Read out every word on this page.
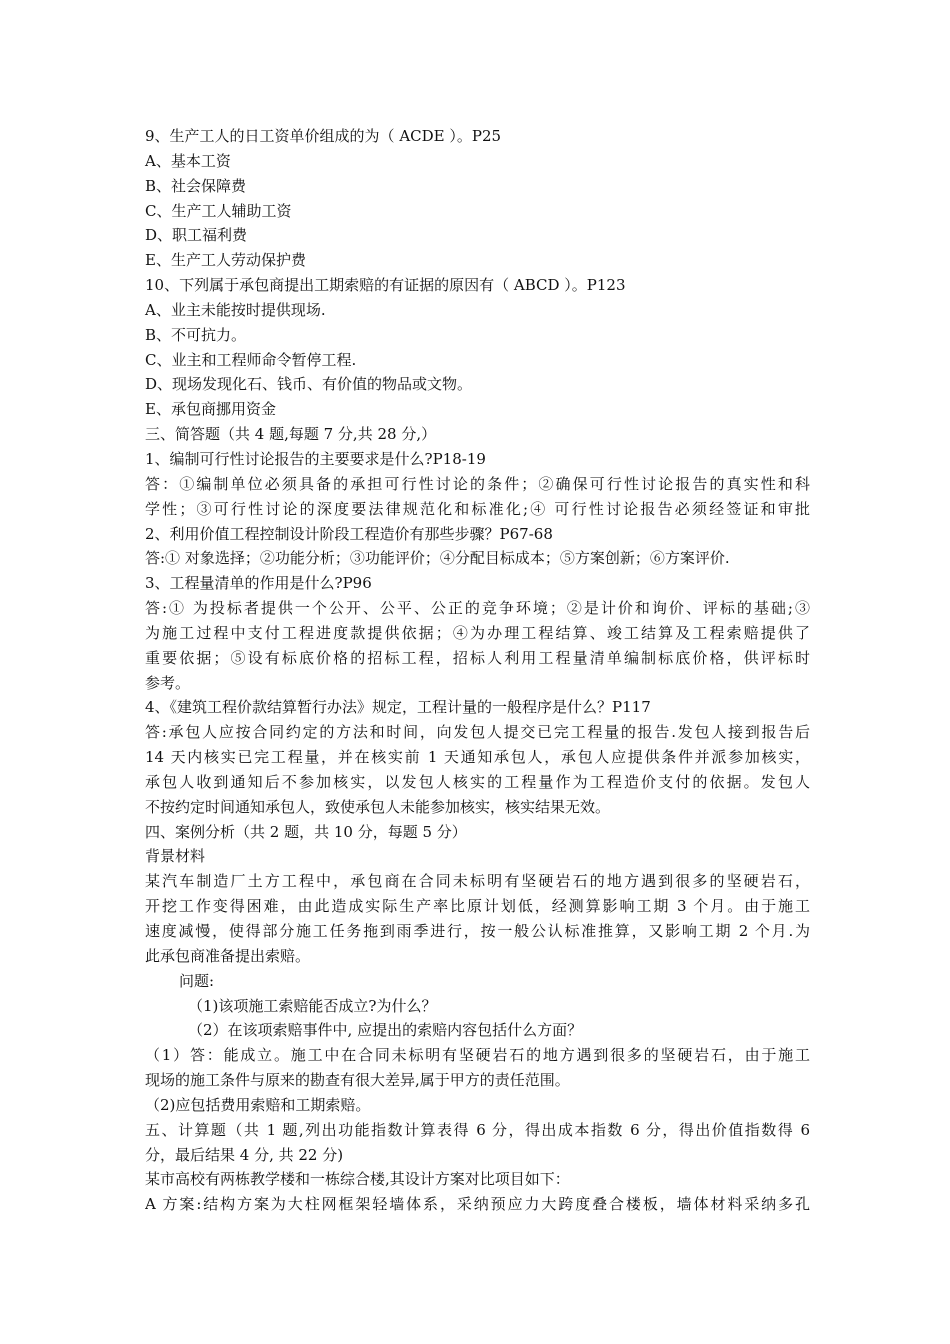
9、生产工人的日工资单价组成的为（ ACDE ）。P25
A、基本工资
B、社会保障费
C、生产工人辅助工资
D、职工福利费
E、生产工人劳动保护费
10、下列属于承包商提出工期索赔的有证据的原因有（ ABCD ）。P123
A、业主未能按时提供现场.
B、不可抗力。
C、业主和工程师命令暂停工程.
D、现场发现化石、钱币、有价值的物品或文物。
E、承包商挪用资金
三、简答题（共 4 题,每题 7 分,共 28 分,）
1、编制可行性讨论报告的主要要求是什么?P18-19
答：①编制单位必须具备的承担可行性讨论的条件；②确保可行性讨论报告的真实性和科
学性；③可行性讨论的深度要法律规范化和标准化;④ 可行性讨论报告必须经签证和审批
2、利用价值工程控制设计阶段工程造价有那些步骤？P67-68
答:① 对象选择；②功能分析；③功能评价；④分配目标成本；⑤方案创新；⑥方案评价.
3、工程量清单的作用是什么?P96
答:① 为投标者提供一个公开、公平、公正的竞争环境；②是计价和询价、评标的基础;③
为施工过程中支付工程进度款提供依据；④为办理工程结算、竣工结算及工程索赔提供了
重要依据；⑤设有标底价格的招标工程，招标人利用工程量清单编制标底价格，供评标时
参考。
4、《建筑工程价款结算暂行办法》规定，工程计量的一般程序是什么？P117
答:承包人应按合同约定的方法和时间，向发包人提交已完工程量的报告.发包人接到报告后
14 天内核实已完工程量，并在核实前 1 天通知承包人，承包人应提供条件并派参加核实，
承包人收到通知后不参加核实，以发包人核实的工程量作为工程造价支付的依据。发包人
不按约定时间通知承包人，致使承包人未能参加核实，核实结果无效。
四、案例分析（共 2 题，共 10 分，每题 5 分）
背景材料
某汽车制造厂土方工程中，承包商在合同未标明有坚硬岩石的地方遇到很多的坚硬岩石，
开挖工作变得困难，由此造成实际生产率比原计划低，经测算影响工期 3 个月。由于施工
速度减慢，使得部分施工任务拖到雨季进行，按一般公认标准推算，又影响工期 2 个月.为
此承包商准备提出索赔。
问题:
（1)该项施工索赔能否成立?为什么？
（2）在该项索赔事件中, 应提出的索赔内容包括什么方面？
（1）答：能成立。施工中在合同未标明有坚硬岩石的地方遇到很多的坚硬岩石，由于施工
现场的施工条件与原来的勘查有很大差异,属于甲方的责任范围。
（2)应包括费用索赔和工期索赔。
五、计算题（共 1 题,列出功能指数计算表得 6 分，得出成本指数 6 分，得出价值指数得 6
分，最后结果 4 分, 共 22 分)
某市高校有两栋教学楼和一栋综合楼,其设计方案对比项目如下：
A 方案:结构方案为大柱网框架轻墙体系，采纳预应力大跨度叠合楼板，墙体材料采纳多孔
